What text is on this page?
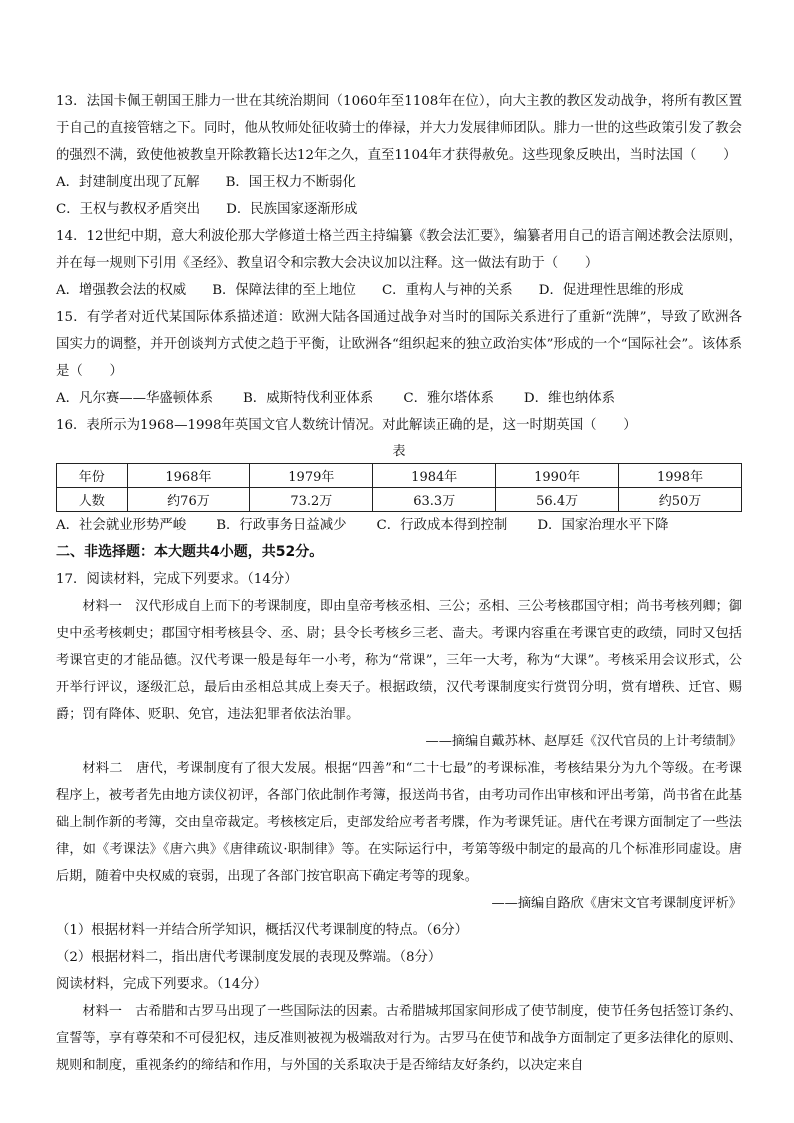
13．法国卡佩王朝国王腓力一世在其统治期间（1060年至1108年在位），向大主教的教区发动战争，将所有教区置于自己的直接管辖之下。同时，他从牧师处征收骑士的俸禄，并大力发展律师团队。腓力一世的这些政策引发了教会的强烈不满，致使他被教皇开除教籍长达12年之久，直至1104年才获得赦免。这些现象反映出，当时法国（　　）

A．封建制度出现了瓦解 B．国王权力不断弱化
C．王权与教权矛盾突出 D．民族国家逐渐形成

14．12世纪中期，意大利波伦那大学修道士格兰西主持编纂《教会法汇要》，编纂者用自己的语言阐述教会法原则，并在每一规则下引用《圣经》、教皇诏令和宗教大会决议加以注释。这一做法有助于（　　）

A．增强教会法的权威 B．保障法律的至上地位 C．重构人与神的关系 D．促进理性思维的形成

15．有学者对近代某国际体系描述道：欧洲大陆各国通过战争对当时的国际关系进行了重新“洗牌”，导致了欧洲各国实力的调整，并开创谈判方式使之趋于平衡，让欧洲各“组织起来的独立政治实体”形成的一个“国际社会”。该体系是（　　）

A．凡尔赛——华盛顿体系 B．威斯特伐利亚体系 C．雅尔塔体系 D．维也纳体系

16．表所示为1968—1998年英国文官人数统计情况。对此解读正确的是，这一时期英国（　　）

表

年份	1968年	1979年	1984年	1990年	1998年
人数	约76万	73.2万	63.3万	56.4万	约50万
A．社会就业形势严峻 B．行政事务日益减少 C．行政成本得到控制 D．国家治理水平下降

二、非选择题：本大题共4小题，共52分。

17．阅读材料，完成下列要求。（14分）

材料一　汉代形成自上而下的考课制度，即由皇帝考核丞相、三公；丞相、三公考核郡国守相；尚书考核列卿；御史中丞考核刺史；郡国守相考核县令、丞、尉；县令长考核乡三老、啬夫。考课内容重在考课官吏的政绩，同时又包括考课官吏的才能品德。汉代考课一般是每年一小考，称为“常课”，三年一大考，称为“大课”。考核采用会议形式，公开举行评议，逐级汇总，最后由丞相总其成上奏天子。根据政绩，汉代考课制度实行赏罚分明，赏有增秩、迁官、赐爵；罚有降体、贬职、免官，违法犯罪者依法治罪。

——摘编自戴苏林、赵厚廷《汉代官员的上计考绩制》

材料二　唐代，考课制度有了很大发展。根据“四善”和“二十七最”的考课标准，考核结果分为九个等级。在考课程序上，被考者先由地方读仪初评，各部门依此制作考簿，报送尚书省，由考功司作出审核和评出考第，尚书省在此基础上制作新的考簿，交由皇帝裁定。考核核定后，吏部发给应考者考牒，作为考课凭证。唐代在考课方面制定了一些法律，如《考课法》《唐六典》《唐律疏议·职制律》等。在实际运行中，考第等级中制定的最高的几个标准形同虚设。唐后期，随着中央权威的衰弱，出现了各部门按官职高下确定考等的现象。

——摘编自路欣《唐宋文官考课制度评析》

（1）根据材料一并结合所学知识，概括汉代考课制度的特点。（6分）

（2）根据材料二，指出唐代考课制度发展的表现及弊端。（8分）

阅读材料，完成下列要求。（14分）

材料一　古希腊和古罗马出现了一些国际法的因素。古希腊城邦国家间形成了使节制度，使节任务包括签订条约、宣誓等，享有尊荣和不可侵犯权，违反准则被视为极端敌对行为。古罗马在使节和战争方面制定了更多法律化的原则、规则和制度，重视条约的缔结和作用，与外国的关系取决于是否缔结友好条约，以决定来自
